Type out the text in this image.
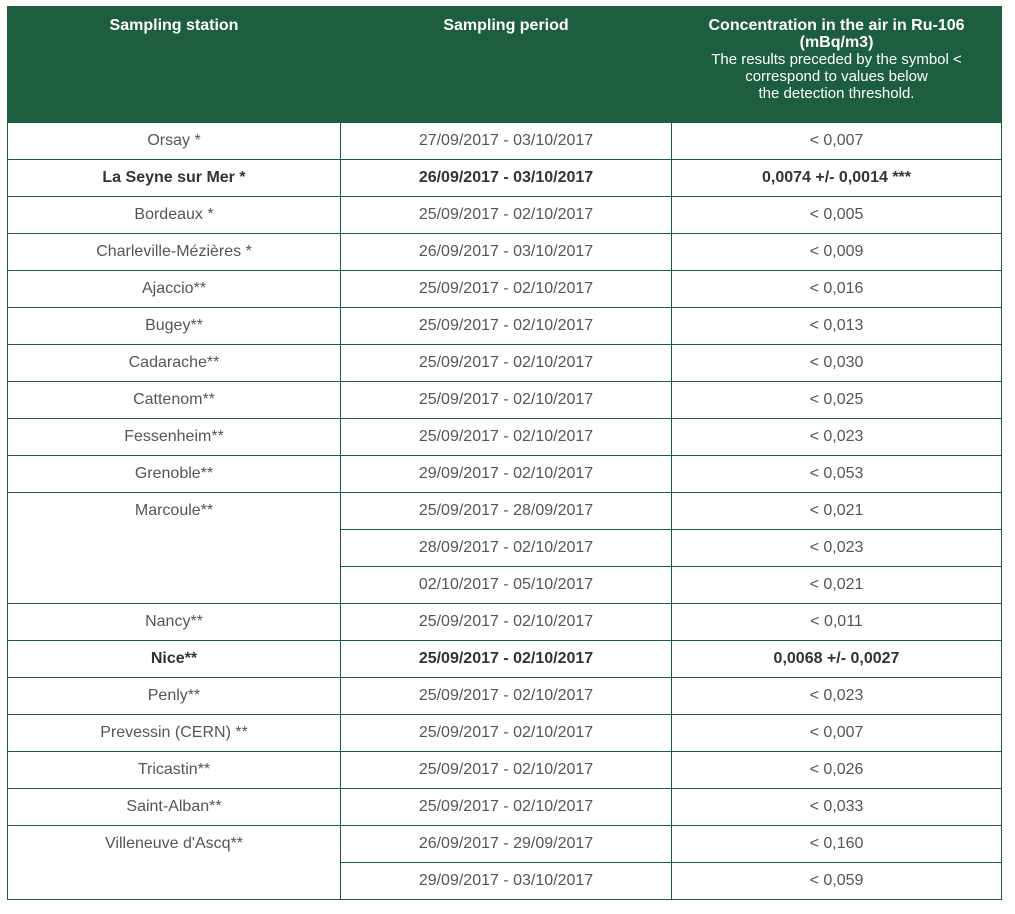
Sampling station	Sampling period	Concentration in the air in Ru-106
(mBq/m3)
The results preceded by the symbol <
correspond to values below
the detection threshold.

Orsay *	27/09/2017 - 03/10/2017	< 0,007
La Seyne sur Mer *	26/09/2017 - 03/10/2017	0,0074 +/- 0,0014 ***
Bordeaux *	25/09/2017 - 02/10/2017	< 0,005
Charleville-Mézières *	26/09/2017 - 03/10/2017	< 0,009
Ajaccio**	25/09/2017 - 02/10/2017	< 0,016
Bugey**	25/09/2017 - 02/10/2017	< 0,013
Cadarache**	25/09/2017 - 02/10/2017	< 0,030
Cattenom**	25/09/2017 - 02/10/2017	< 0,025
Fessenheim**	25/09/2017 - 02/10/2017	< 0,023
Grenoble**	29/09/2017 - 02/10/2017	< 0,053
Marcoule**	25/09/2017 - 28/09/2017	< 0,021
	28/09/2017 - 02/10/2017	< 0,023
	02/10/2017 - 05/10/2017	< 0,021
Nancy**	25/09/2017 - 02/10/2017	< 0,011
Nice**	25/09/2017 - 02/10/2017	0,0068 +/- 0,0027
Penly**	25/09/2017 - 02/10/2017	< 0,023
Prevessin (CERN) **	25/09/2017 - 02/10/2017	< 0,007
Tricastin**	25/09/2017 - 02/10/2017	< 0,026
Saint-Alban**	25/09/2017 - 02/10/2017	< 0,033
Villeneuve d'Ascq**	26/09/2017 - 29/09/2017	< 0,160
	29/09/2017 - 03/10/2017	< 0,059
